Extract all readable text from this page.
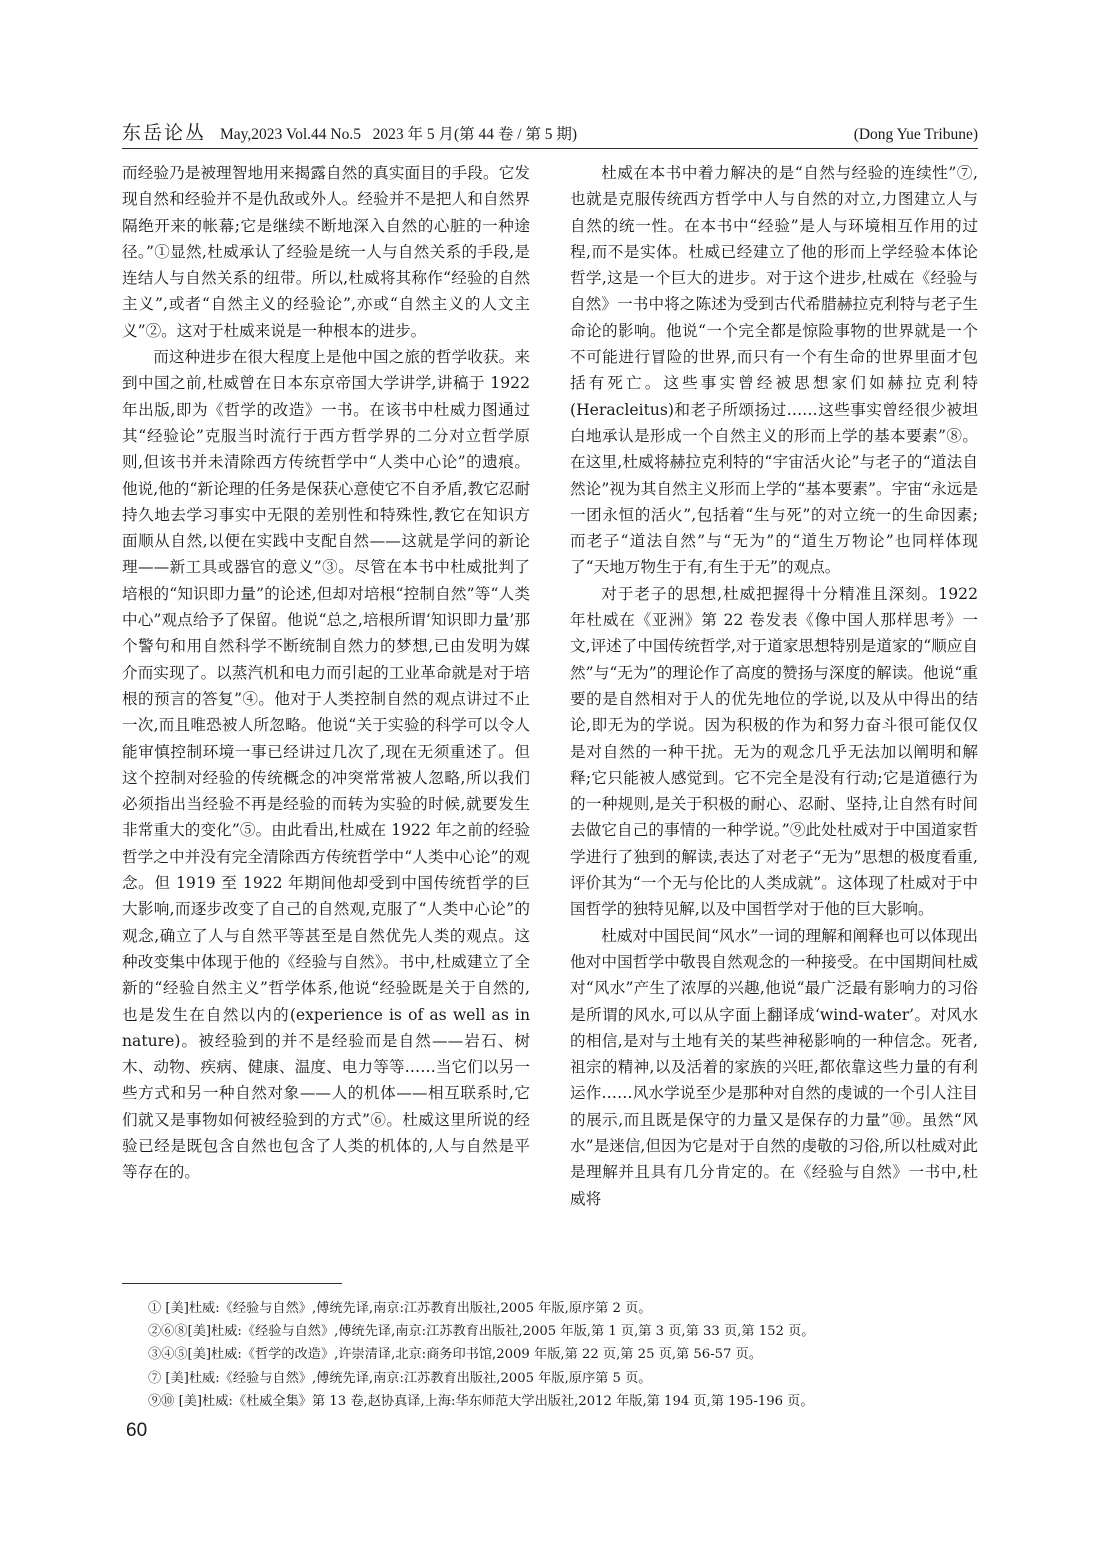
东岳论丛 May,2023 Vol.44 No.5   2023 年 5 月(第 44 卷 / 第 5 期)	(Dong Yue Tribune)

而经验乃是被理智地用来揭露自然的真实面目的手段。它发现自然和经验并不是仇敌或外人。经验并不是把人和自然界隔绝开来的帐幕;它是继续不断地深入自然的心脏的一种途径。”①显然,杜威承认了经验是统一人与自然关系的手段,是连结人与自然关系的纽带。所以,杜威将其称作“经验的自然主义”,或者“自然主义的经验论”,亦或“自然主义的人文主义”②。这对于杜威来说是一种根本的进步。

而这种进步在很大程度上是他中国之旅的哲学收获。来到中国之前,杜威曾在日本东京帝国大学讲学,讲稿于 1922 年出版,即为《哲学的改造》一书。在该书中杜威力图通过其“经验论”克服当时流行于西方哲学界的二分对立哲学原则,但该书并未清除西方传统哲学中“人类中心论”的遗痕。他说,他的“新论理的任务是保获心意使它不自矛盾,教它忍耐持久地去学习事实中无限的差别性和特殊性,教它在知识方面顺从自然,以便在实践中支配自然——这就是学问的新论理——新工具或器官的意义”③。尽管在本书中杜威批判了培根的“知识即力量”的论述,但却对培根“控制自然”等“人类中心”观点给予了保留。他说“总之,培根所谓‘知识即力量’那个警句和用自然科学不断统制自然力的梦想,已由发明为媒介而实现了。以蒸汽机和电力而引起的工业革命就是对于培根的预言的答复”④。他对于人类控制自然的观点讲过不止一次,而且唯恐被人所忽略。他说“关于实验的科学可以令人能审慎控制环境一事已经讲过几次了,现在无须重述了。但这个控制对经验的传统概念的冲突常常被人忽略,所以我们必须指出当经验不再是经验的而转为实验的时候,就要发生非常重大的变化”⑤。由此看出,杜威在 1922 年之前的经验哲学之中并没有完全清除西方传统哲学中“人类中心论”的观念。但 1919 至 1922 年期间他却受到中国传统哲学的巨大影响,而逐步改变了自己的自然观,克服了“人类中心论”的观念,确立了人与自然平等甚至是自然优先人类的观点。这种改变集中体现于他的《经验与自然》。书中,杜威建立了全新的“经验自然主义”哲学体系,他说“经验既是关于自然的,也是发生在自然以内的(experience is of as well as in nature)。被经验到的并不是经验而是自然——岩石、树木、动物、疾病、健康、温度、电力等等……当它们以另一些方式和另一种自然对象——人的机体——相互联系时,它们就又是事物如何被经验到的方式”⑥。杜威这里所说的经验已经是既包含自然也包含了人类的机体的,人与自然是平等存在的。

杜威在本书中着力解决的是“自然与经验的连续性”⑦,也就是克服传统西方哲学中人与自然的对立,力图建立人与自然的统一性。在本书中“经验”是人与环境相互作用的过程,而不是实体。杜威已经建立了他的形而上学经验本体论哲学,这是一个巨大的进步。对于这个进步,杜威在《经验与自然》一书中将之陈述为受到古代希腊赫拉克利特与老子生命论的影响。他说“一个完全都是惊险事物的世界就是一个不可能进行冒险的世界,而只有一个有生命的世界里面才包括有死亡。这些事实曾经被思想家们如赫拉克利特(Heracleitus)和老子所颂扬过……这些事实曾经很少被坦白地承认是形成一个自然主义的形而上学的基本要素”⑧。在这里,杜威将赫拉克利特的“宇宙活火论”与老子的“道法自然论”视为其自然主义形而上学的“基本要素”。宇宙“永远是一团永恒的活火”,包括着“生与死”的对立统一的生命因素;而老子“道法自然”与“无为”的“道生万物论”也同样体现了“天地万物生于有,有生于无”的观点。

对于老子的思想,杜威把握得十分精准且深刻。1922 年杜威在《亚洲》第 22 卷发表《像中国人那样思考》一文,评述了中国传统哲学,对于道家思想特别是道家的“顺应自然”与“无为”的理论作了高度的赞扬与深度的解读。他说“重要的是自然相对于人的优先地位的学说,以及从中得出的结论,即无为的学说。因为积极的作为和努力奋斗很可能仅仅是对自然的一种干扰。无为的观念几乎无法加以阐明和解释;它只能被人感觉到。它不完全是没有行动;它是道德行为的一种规则,是关于积极的耐心、忍耐、坚持,让自然有时间去做它自己的事情的一种学说。”⑨此处杜威对于中国道家哲学进行了独到的解读,表达了对老子“无为”思想的极度看重,评价其为“一个无与伦比的人类成就”。这体现了杜威对于中国哲学的独特见解,以及中国哲学对于他的巨大影响。

杜威对中国民间“风水”一词的理解和阐释也可以体现出他对中国哲学中敬畏自然观念的一种接受。在中国期间杜威对“风水”产生了浓厚的兴趣,他说“最广泛最有影响力的习俗是所谓的风水,可以从字面上翻译成‘wind-water’。对风水的相信,是对与土地有关的某些神秘影响的一种信念。死者,祖宗的精神,以及活着的家族的兴旺,都依靠这些力量的有利运作……风水学说至少是那种对自然的虔诚的一个引人注目的展示,而且既是保守的力量又是保存的力量”⑩。虽然“风水”是迷信,但因为它是对于自然的虔敬的习俗,所以杜威对此是理解并且具有几分肯定的。在《经验与自然》一书中,杜威将

① [美]杜威:《经验与自然》,傅统先译,南京:江苏教育出版社,2005 年版,原序第 2 页。
②⑥⑧[美]杜威:《经验与自然》,傅统先译,南京:江苏教育出版社,2005 年版,第 1 页,第 3 页,第 33 页,第 152 页。
③④⑤[美]杜威:《哲学的改造》,许崇清译,北京:商务印书馆,2009 年版,第 22 页,第 25 页,第 56-57 页。
⑦ [美]杜威:《经验与自然》,傅统先译,南京:江苏教育出版社,2005 年版,原序第 5 页。
⑨⑩ [美]杜威:《杜威全集》第 13 卷,赵协真译,上海:华东师范大学出版社,2012 年版,第 194 页,第 195-196 页。
60
